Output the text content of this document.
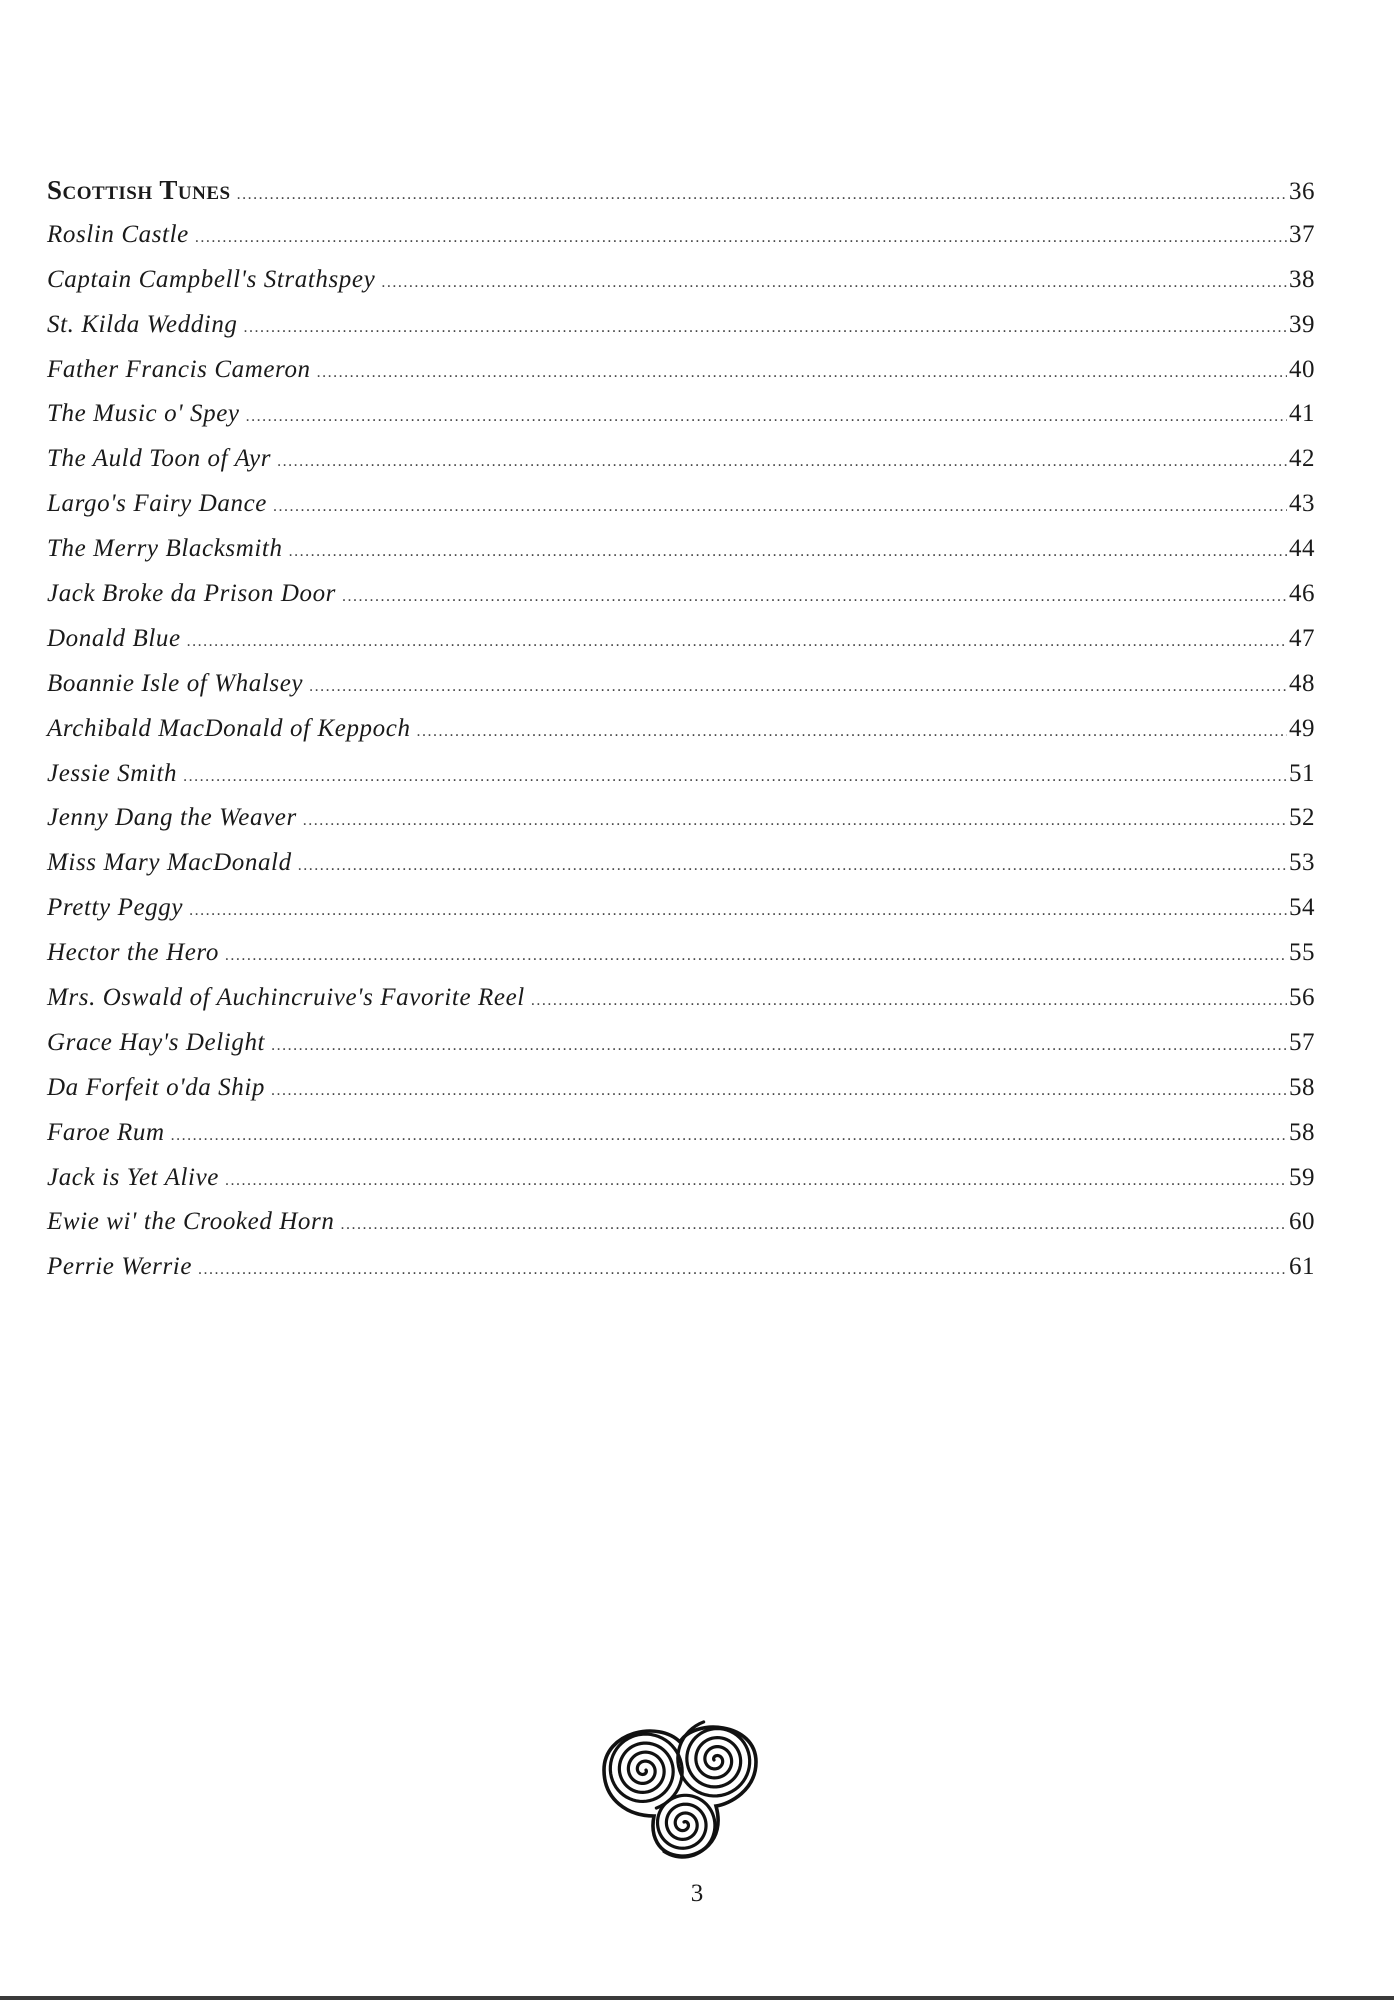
Scottish Tunes .....	36
Roslin Castle .....	37
Captain Campbell's Strathspey .....	38
St. Kilda Wedding .....	39
Father Francis Cameron .....	40
The Music o' Spey .....	41
The Auld Toon of Ayr .....	42
Largo's Fairy Dance .....	43
The Merry Blacksmith .....	44
Jack Broke da Prison Door .....	46
Donald Blue .....	47
Boannie Isle of Whalsey .....	48
Archibald MacDonald of Keppoch .....	49
Jessie Smith .....	51
Jenny Dang the Weaver .....	52
Miss Mary MacDonald .....	53
Pretty Peggy .....	54
Hector the Hero .....	55
Mrs. Oswald of Auchincruive's Favorite Reel .....	56
Grace Hay's Delight .....	57
Da Forfeit o'da Ship .....	58
Faroe Rum .....	58
Jack is Yet Alive .....	59
Ewie wi' the Crooked Horn .....	60
Perrie Werrie .....	61
3
